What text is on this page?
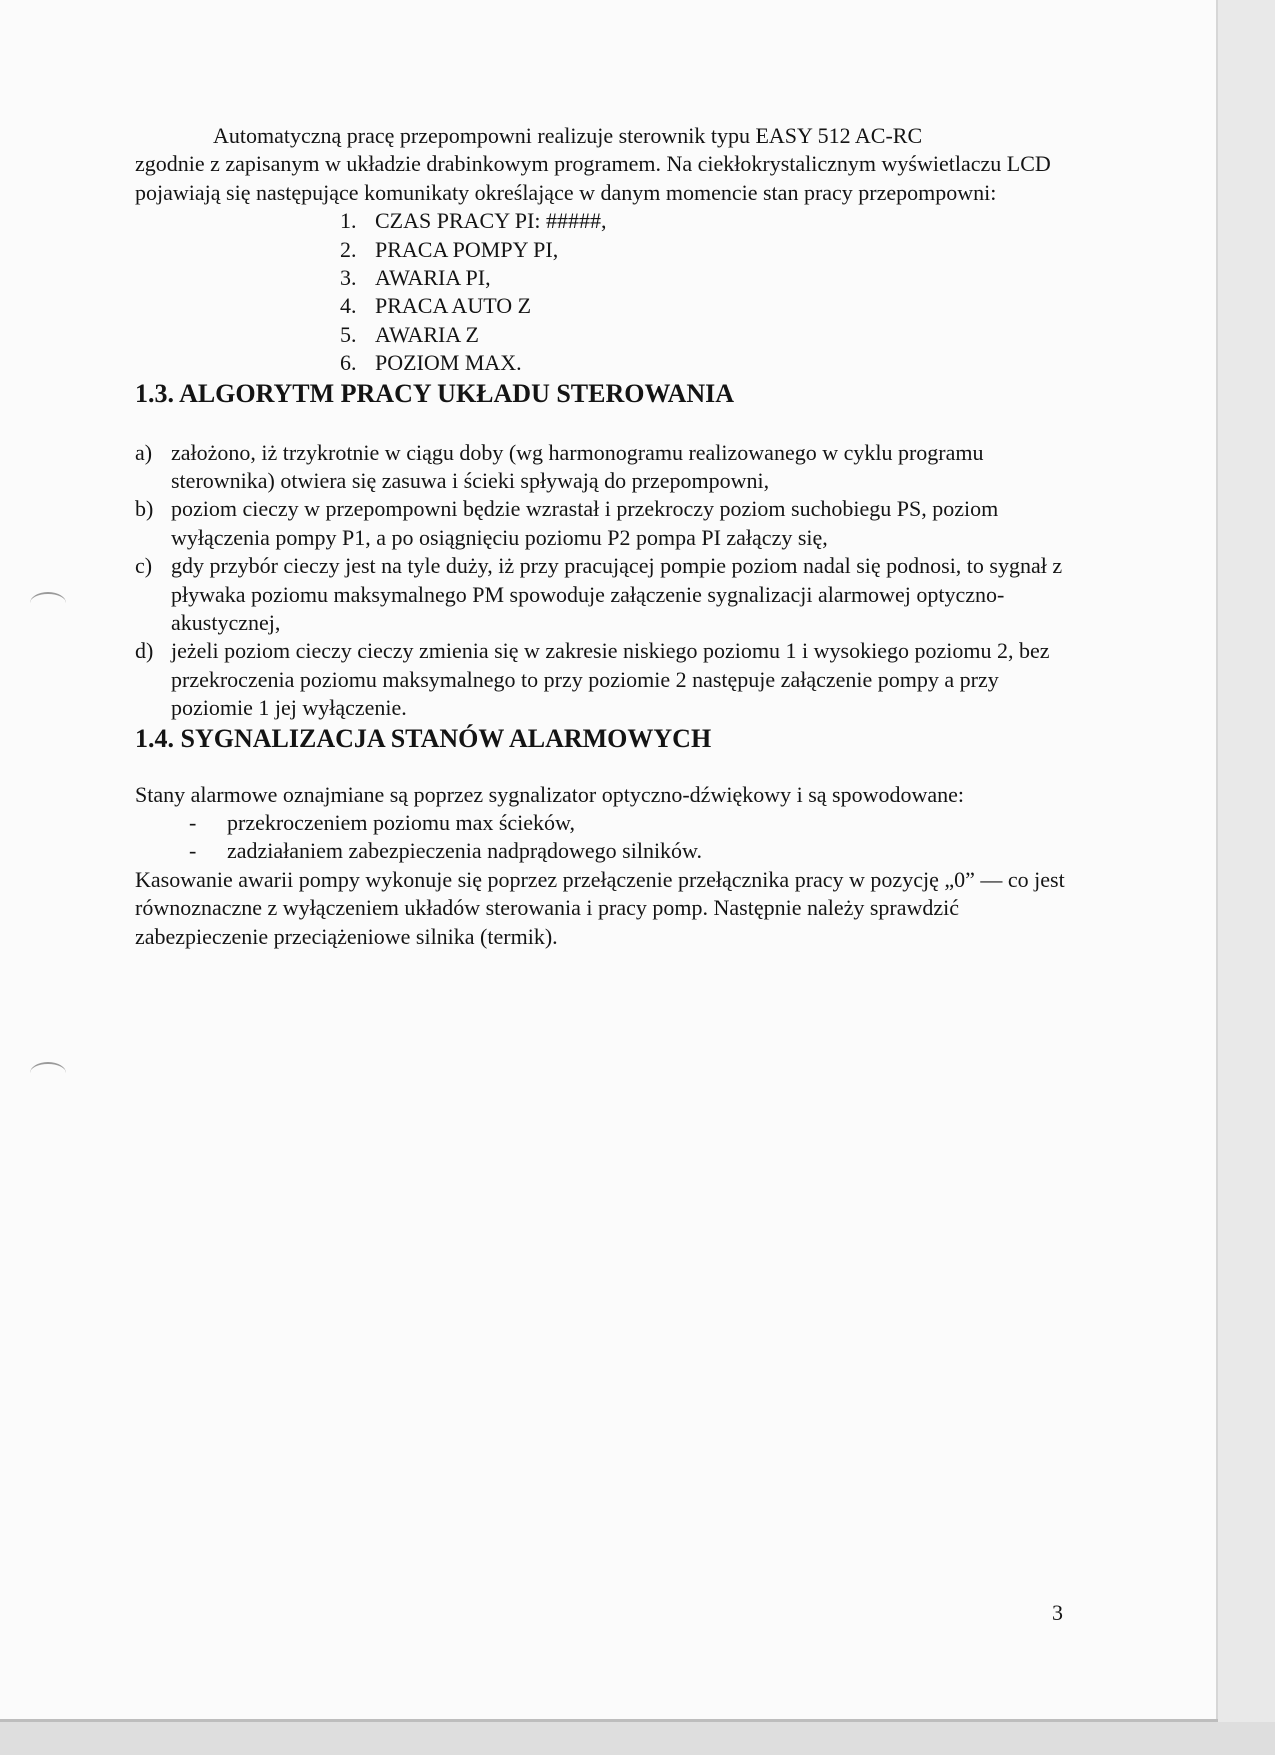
Automatyczną pracę przepompowni realizuje sterownik typu EASY 512 AC-RC

zgodnie z zapisanym w układzie drabinkowym programem. Na ciekłokrystalicznym wyświetlaczu LCD pojawiają się następujące komunikaty określające w danym momencie stan pracy przepompowni:

1. CZAS PRACY PI: #####,
2. PRACA POMPY PI,
3. AWARIA PI,
4. PRACA AUTO Z
5. AWARIA Z
6. POZIOM MAX.
1.3. ALGORYTM PRACY UKŁADU STEROWANIA
a) założono, iż trzykrotnie w ciągu doby (wg harmonogramu realizowanego w cyklu programu sterownika) otwiera się zasuwa i ścieki spływają do przepompowni,
b) poziom cieczy w przepompowni będzie wzrastał i przekroczy poziom suchobiegu PS, poziom wyłączenia pompy P1, a po osiągnięciu poziomu P2 pompa PI załączy się,
c) gdy przybór cieczy jest na tyle duży, iż przy pracującej pompie poziom nadal się podnosi, to sygnał z pływaka poziomu maksymalnego PM spowoduje załączenie sygnalizacji alarmowej optyczno-akustycznej,
d) jeżeli poziom cieczy cieczy zmienia się w zakresie niskiego poziomu 1 i wysokiego poziomu 2, bez przekroczenia poziomu maksymalnego to przy poziomie 2 następuje załączenie pompy a przy poziomie 1 jej wyłączenie.
1.4. SYGNALIZACJA STANÓW ALARMOWYCH

Stany alarmowe oznajmiane są poprzez sygnalizator optyczno-dźwiękowy i są spowodowane:

-	przekroczeniem poziomu max ścieków,
-	zadziałaniem zabezpieczenia nadprądowego silników.

Kasowanie awarii pompy wykonuje się poprzez przełączenie przełącznika pracy w pozycję „0” — co jest równoznaczne z wyłączeniem układów sterowania i pracy pomp. Następnie należy sprawdzić zabezpieczenie przeciążeniowe silnika (termik).

3
